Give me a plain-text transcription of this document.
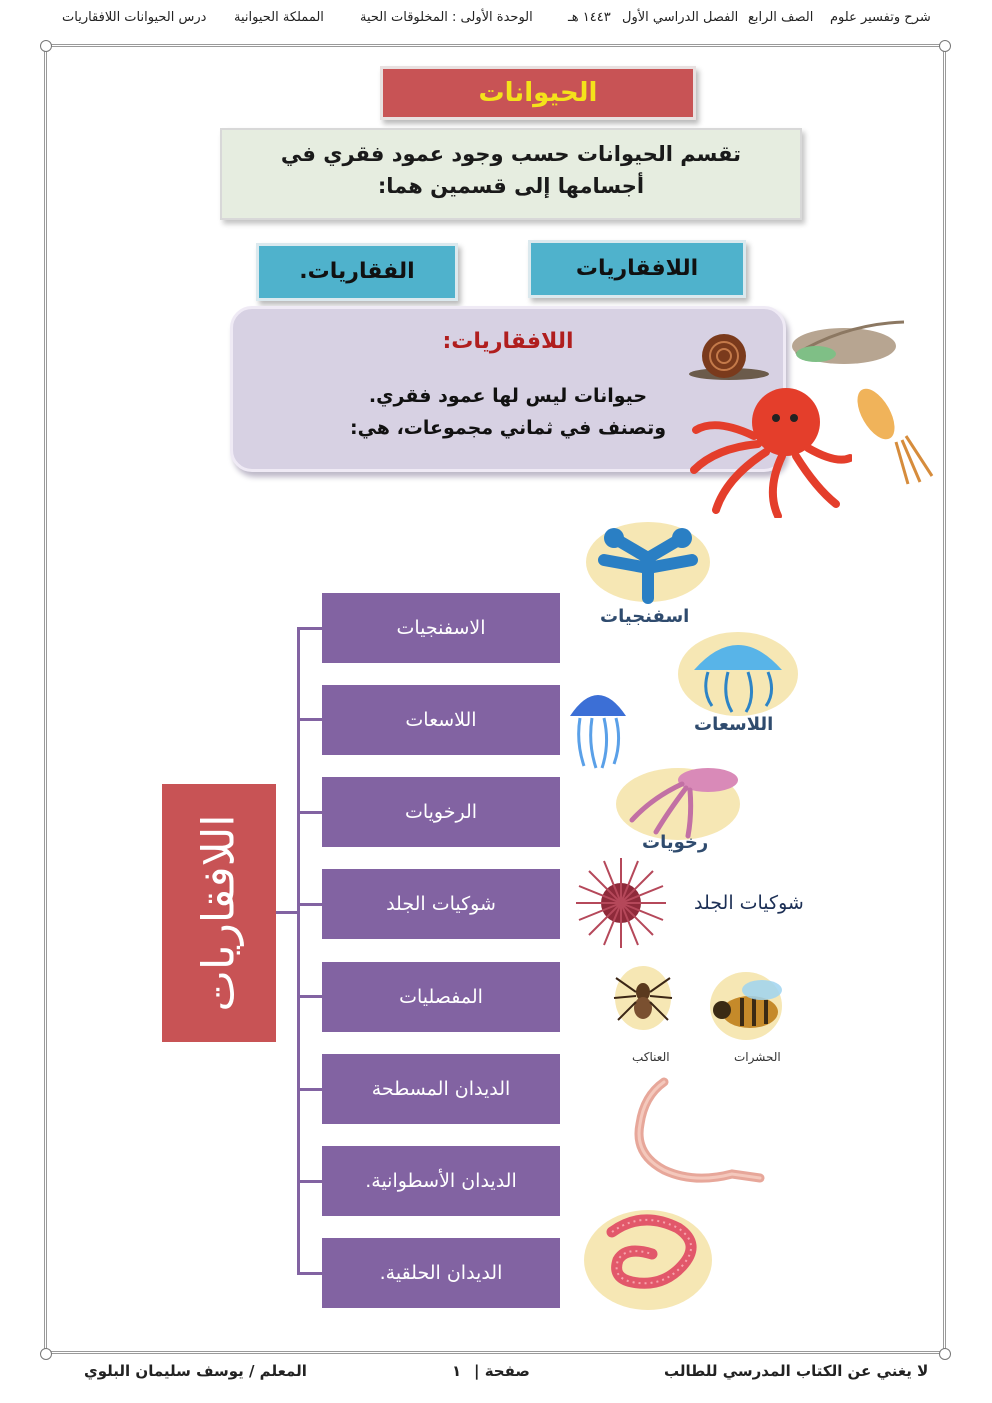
درس الحيوانات اللافقاريات المملكة الحيوانية	الوحدة الأولى : المخلوقات الحية	١٤٤٣ هـ الفصل الدراسي الأول الصف الرابع شرح وتفسير علوم
الحيوانات
تقسم الحيوانات حسب وجود عمود فقري في أجسامها إلى قسمين هما:
الفقاريات.	اللافقاريات
اللافقاريات:
حيوانات ليس لها عمود فقري.
وتصنف في ثماني مجموعات، هي:
اللافقاريات
الاسفنجيات
اللاسعات
الرخويات
شوكيات الجلد
المفصليات
الديدان المسطحة
الديدان الأسطوانية.
الديدان الحلقية.
اسفنجيات
اللاسعات
رخويات
شوكيات الجلد
العناكب	الحشرات
المعلم / يوسف سليمان البلوي	١ صفحة |	لا يغني عن الكتاب المدرسي للطالب
